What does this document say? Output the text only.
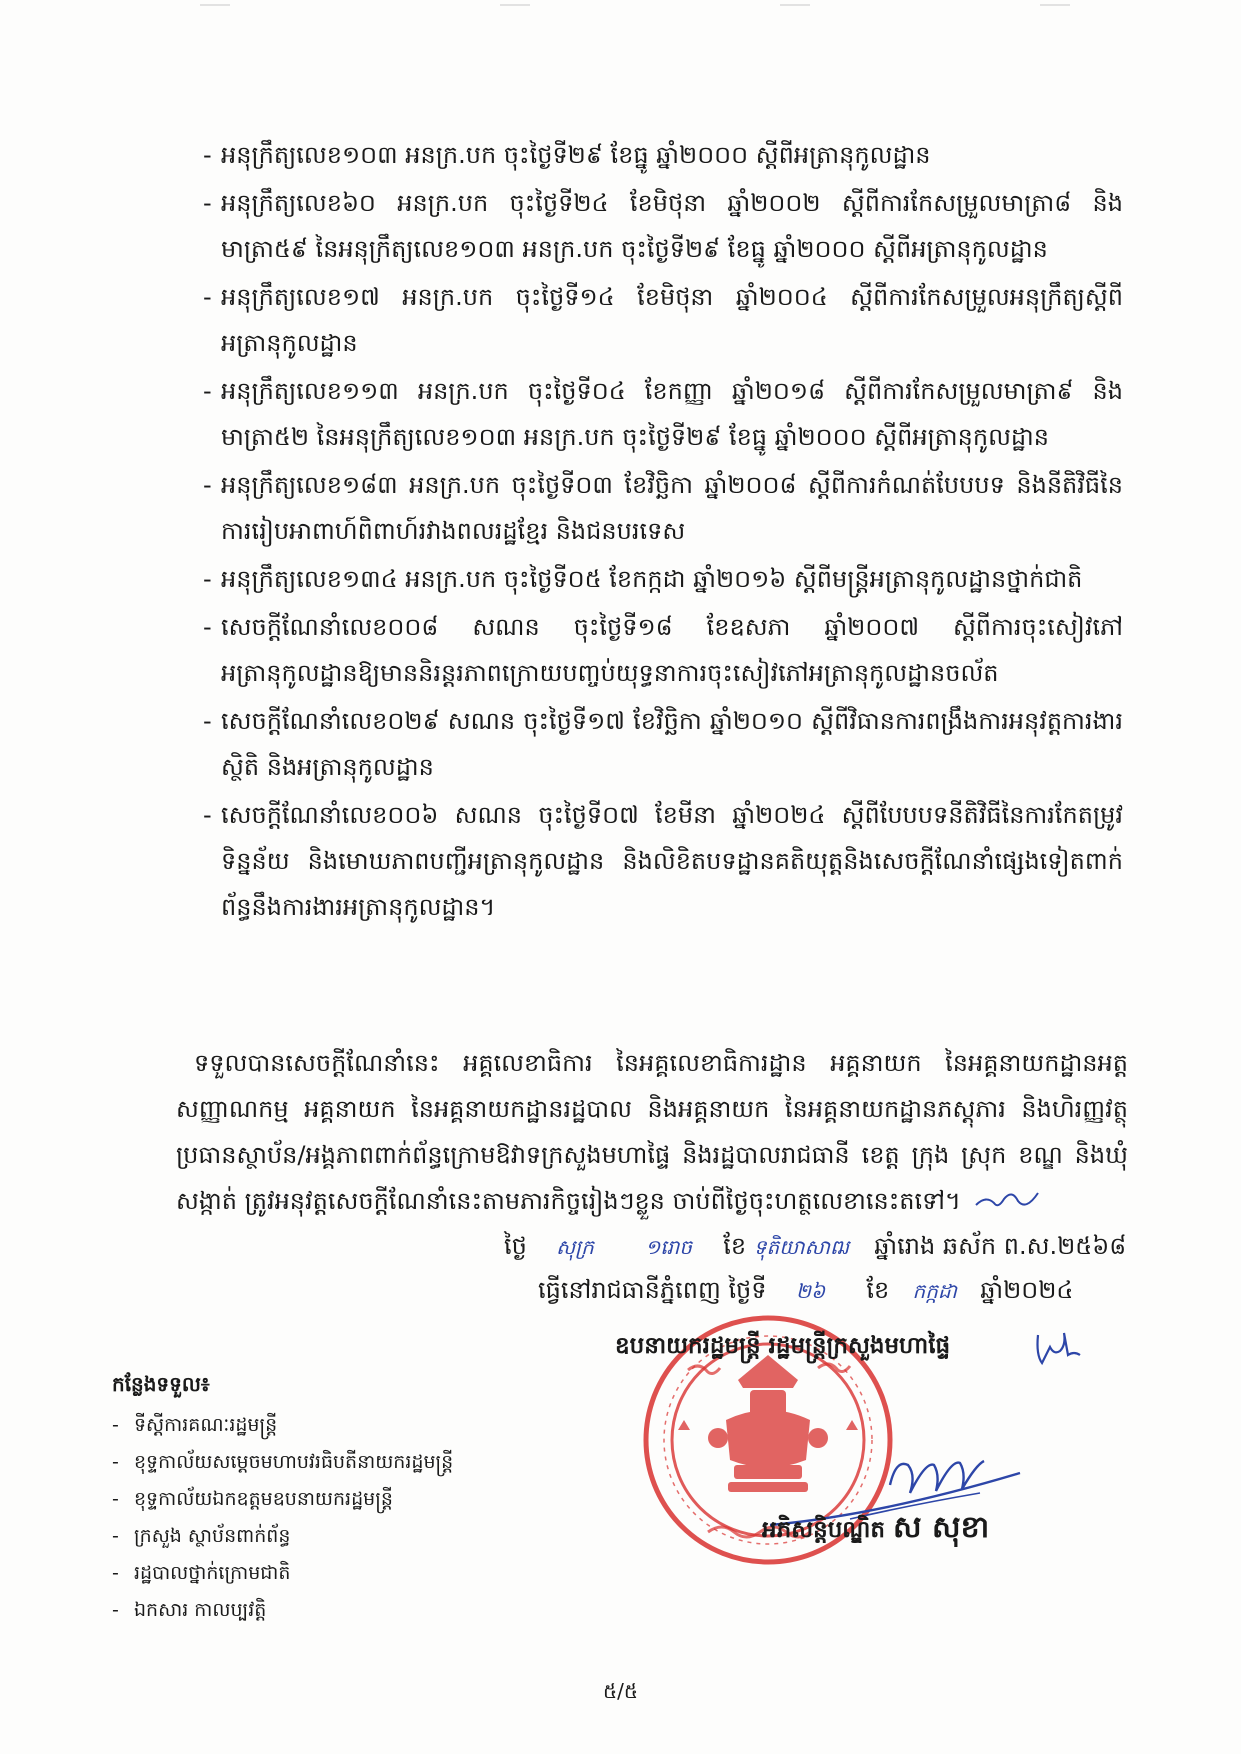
- អនុក្រឹត្យលេខ១០៣ អនក្រ.បក ចុះថ្ងៃទី២៩ ខែធ្នូ ឆ្នាំ២០០០ ស្តីពីអត្រានុកូលដ្ឋាន
- អនុក្រឹត្យលេខ៦០ អនក្រ.បក ចុះថ្ងៃទី២៤ ខែមិថុនា ឆ្នាំ២០០២ ស្តីពីការកែសម្រួលមាត្រា៨ និងមាត្រា៥៩ នៃអនុក្រឹត្យលេខ១០៣ អនក្រ.បក ចុះថ្ងៃទី២៩ ខែធ្នូ ឆ្នាំ២០០០ ស្តីពីអត្រានុកូលដ្ឋាន
- អនុក្រឹត្យលេខ១៧ អនក្រ.បក ចុះថ្ងៃទី១៤ ខែមិថុនា ឆ្នាំ២០០៤ ស្តីពីការកែសម្រួលអនុក្រឹត្យស្តីពីអត្រានុកូលដ្ឋាន
- អនុក្រឹត្យលេខ១១៣ អនក្រ.បក ចុះថ្ងៃទី០៤ ខែកញ្ញា ឆ្នាំ២០១៨ ស្តីពីការកែសម្រួលមាត្រា៩ និងមាត្រា៥២ នៃអនុក្រឹត្យលេខ១០៣ អនក្រ.បក ចុះថ្ងៃទី២៩ ខែធ្នូ ឆ្នាំ២០០០ ស្តីពីអត្រានុកូលដ្ឋាន
- អនុក្រឹត្យលេខ១៨៣ អនក្រ.បក ចុះថ្ងៃទី០៣ ខែវិច្ឆិកា ឆ្នាំ២០០៨ ស្តីពីការកំណត់បែបបទ និងនីតិវិធីនៃការរៀបអាពាហ៍ពិពាហ៍រវាងពលរដ្ឋខ្មែរ និងជនបរទេស
- អនុក្រឹត្យលេខ១៣៤ អនក្រ.បក ចុះថ្ងៃទី០៥ ខែកក្កដា ឆ្នាំ២០១៦ ស្តីពីមន្ត្រីអត្រានុកូលដ្ឋានថ្នាក់ជាតិ
- សេចក្តីណែនាំលេខ០០៨ សណន ចុះថ្ងៃទី១៨ ខែឧសភា ឆ្នាំ២០០៧ ស្តីពីការចុះសៀវភៅអត្រានុកូលដ្ឋានឱ្យមាននិរន្តរភាពក្រោយបញ្ចប់យុទ្ធនាការចុះសៀវភៅអត្រានុកូលដ្ឋានចល័ត
- សេចក្តីណែនាំលេខ០២៩ សណន ចុះថ្ងៃទី១៧ ខែវិច្ឆិកា ឆ្នាំ២០១០ ស្តីពីវិធានការពង្រឹងការអនុវត្តការងារស្ថិតិ និងអត្រានុកូលដ្ឋាន
- សេចក្តីណែនាំលេខ០០៦ សណន ចុះថ្ងៃទី០៧ ខែមីនា ឆ្នាំ២០២៤ ស្តីពីបែបបទនីតិវិធីនៃការកែតម្រូវទិន្នន័យ និងមោឃភាពបញ្ជីអត្រានុកូលដ្ឋាន និងលិខិតបទដ្ឋានគតិយុត្តនិងសេចក្តីណែនាំផ្សេងទៀតពាក់ព័ន្ធនឹងការងារអត្រានុកូលដ្ឋាន។
ទទួលបានសេចក្តីណែនាំនេះ អគ្គលេខាធិការ នៃអគ្គលេខាធិការដ្ឋាន អគ្គនាយក នៃអគ្គនាយកដ្ឋានអត្តសញ្ញាណកម្ម អគ្គនាយក នៃអគ្គនាយកដ្ឋានរដ្ឋបាល និងអគ្គនាយក នៃអគ្គនាយកដ្ឋានភស្តុភារ និងហិរញ្ញវត្ថុ ប្រធានស្ថាប័ន/អង្គភាពពាក់ព័ន្ធក្រោមឱវាទក្រសួងមហាផ្ទៃ និងរដ្ឋបាលរាជធានី ខេត្ត ក្រុង ស្រុក ខណ្ឌ និងឃុំ សង្កាត់ ត្រូវអនុវត្តសេចក្តីណែនាំនេះតាមភារកិច្ចរៀងៗខ្លួន ចាប់ពីថ្ងៃចុះហត្ថលេខានេះតទៅ។
ថ្ងៃ សុក្រ	១រោច ខែ ទុតិយាសាឍ ឆ្នាំរោង ឆស័ក ព.ស.២៥៦៨
ធ្វើនៅរាជធានីភ្នំពេញ ថ្ងៃទី ២៦ ខែ កក្កដា ឆ្នាំ២០២៤
ឧបនាយករដ្ឋមន្ត្រី រដ្ឋមន្ត្រីក្រសួងមហាផ្ទៃ
អភិសន្តិបណ្ឌិត ស សុខា
កន្លែងទទួល៖
- ទីស្តីការគណៈរដ្ឋមន្ត្រី
- ខុទ្ទកាល័យសម្តេចមហាបវរធិបតីនាយករដ្ឋមន្ត្រី
- ខុទ្ទកាល័យឯកឧត្តមឧបនាយករដ្ឋមន្ត្រី
- ក្រសួង ស្ថាប័នពាក់ព័ន្ធ
- រដ្ឋបាលថ្នាក់ក្រោមជាតិ
- ឯកសារ កាលប្បវត្តិ
៥/៥
